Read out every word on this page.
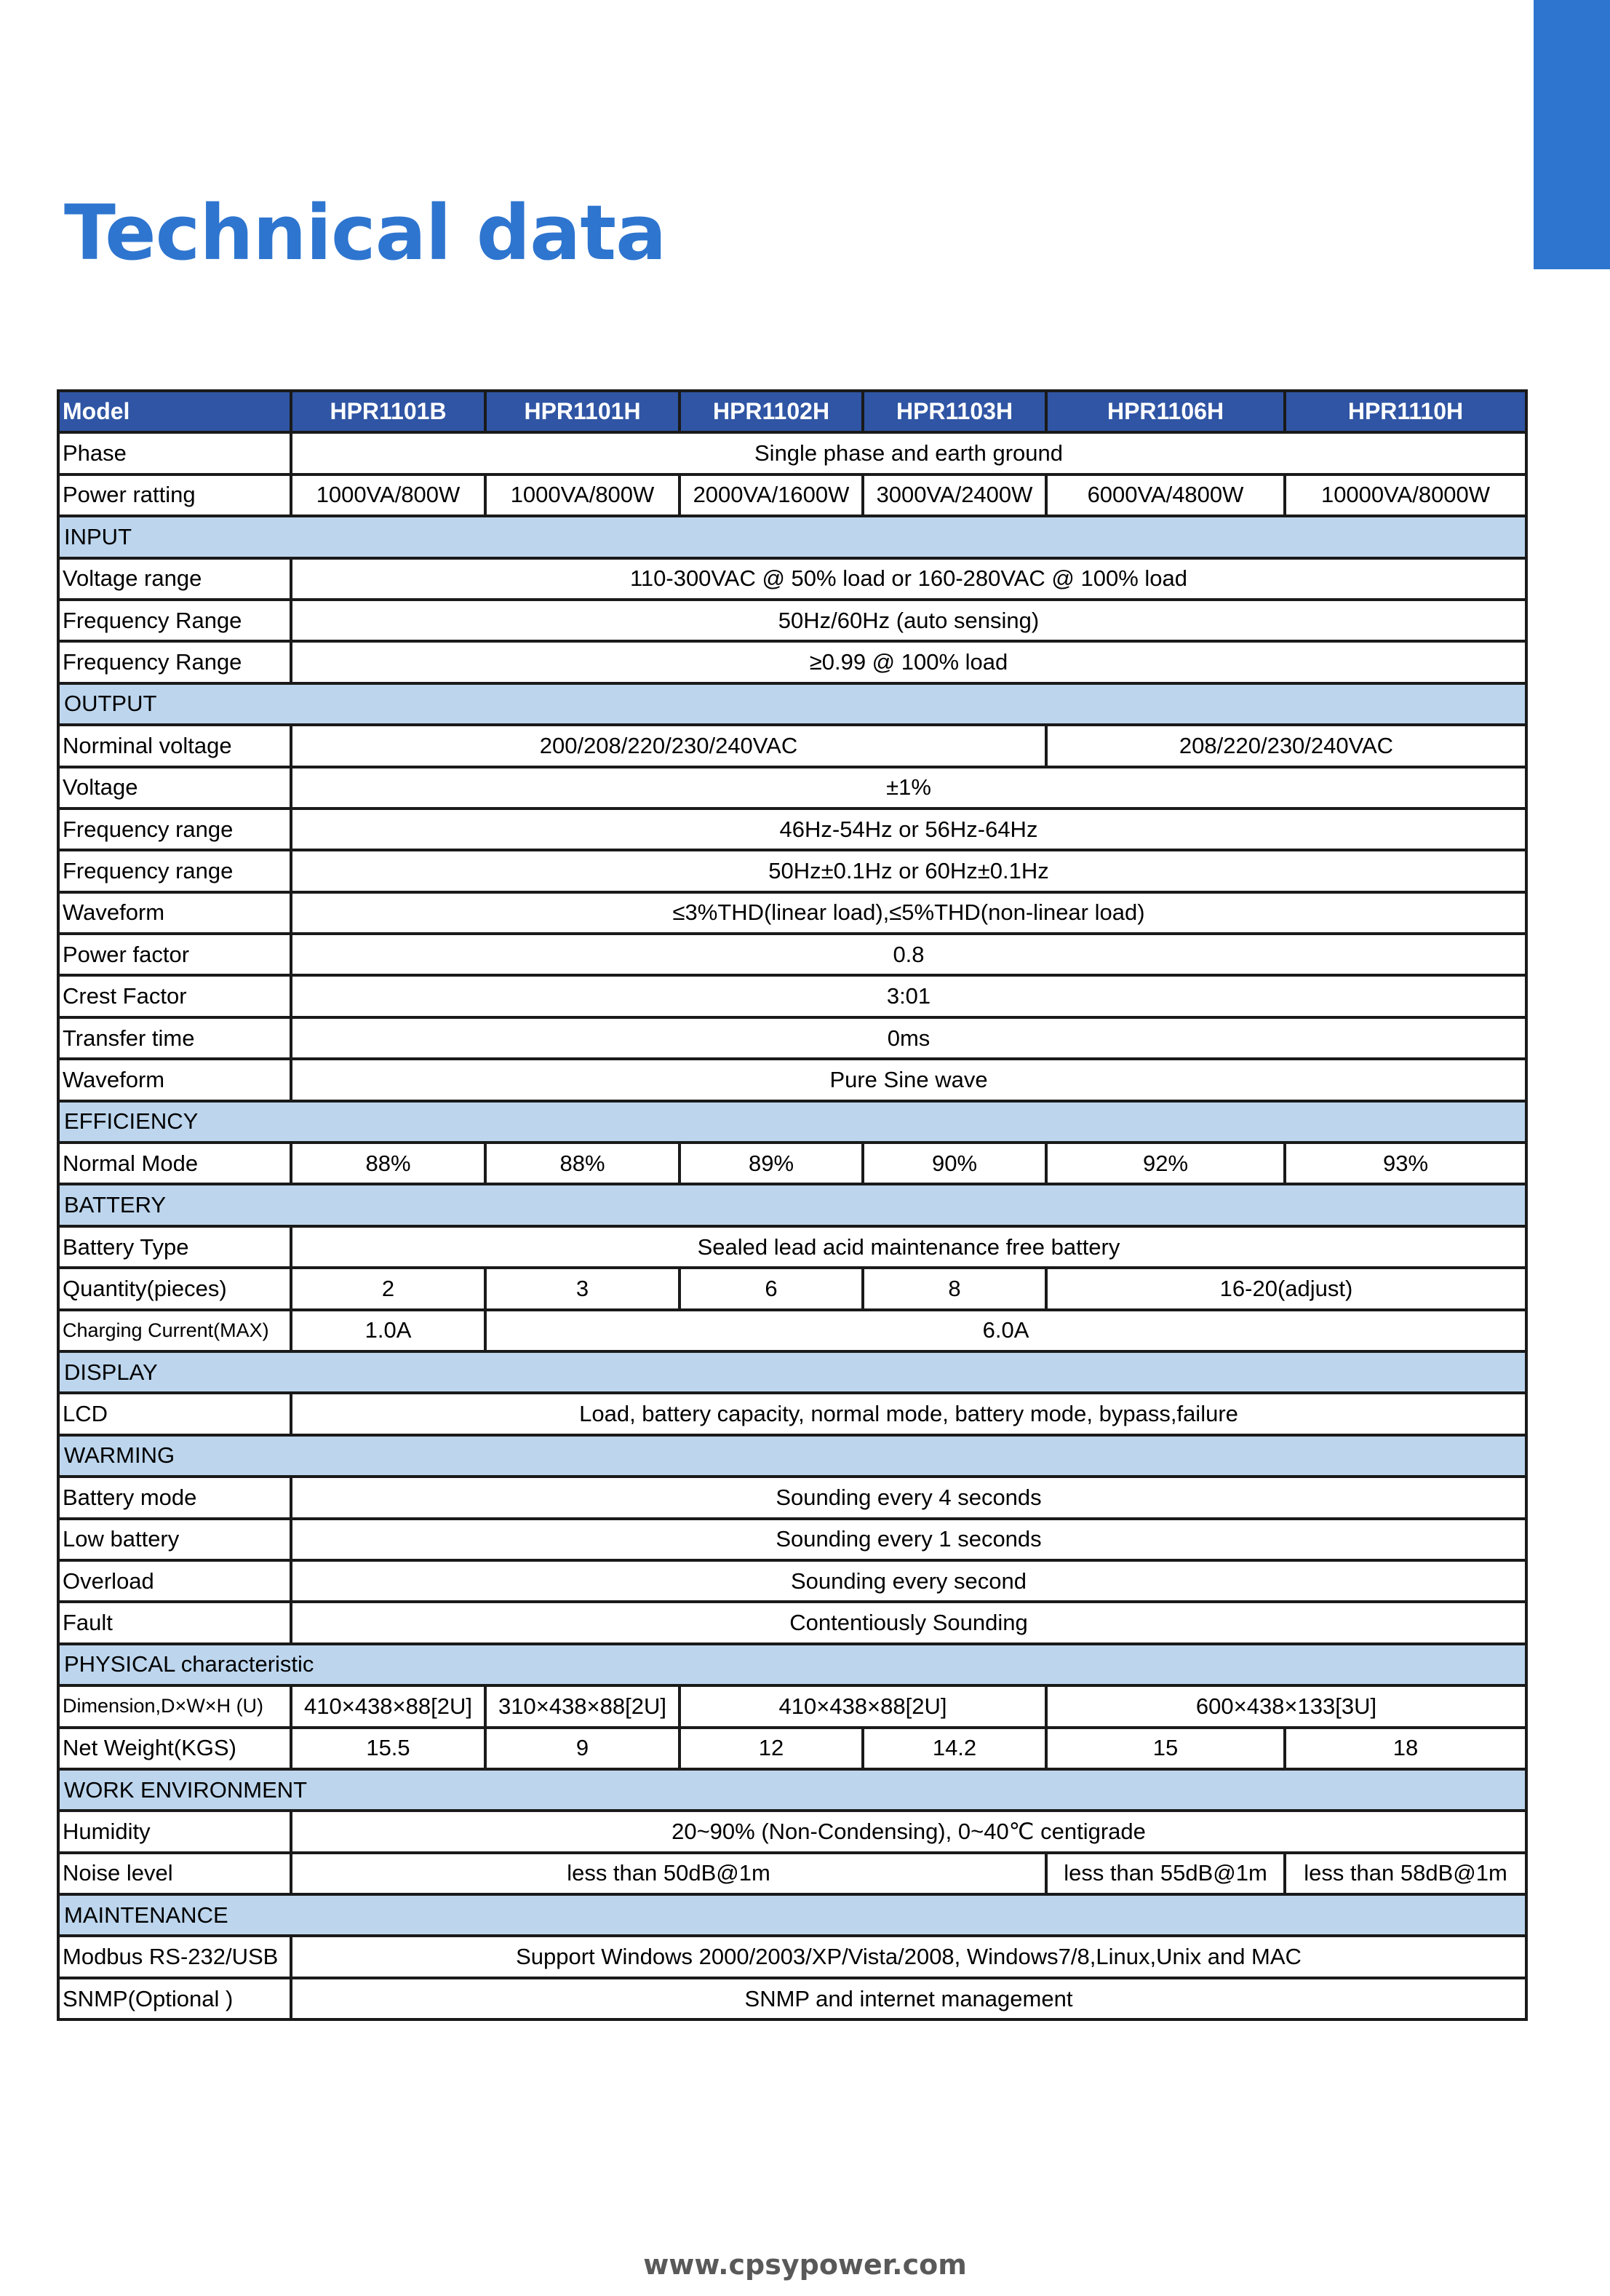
Technical data
Model	HPR1101B	HPR1101H	HPR1102H	HPR1103H	HPR1106H	HPR1110H
Phase	Single phase and earth ground					
Power ratting	1000VA/800W	1000VA/800W	2000VA/1600W	3000VA/2400W	6000VA/4800W	10000VA/8000W
INPUT						
Voltage range	110-300VAC @ 50% load or 160-280VAC @ 100% load					
Frequency Range	50Hz/60Hz (auto sensing)					
Frequency Range	≥0.99 @ 100% load					
OUTPUT						
Norminal voltage	200/208/220/230/240VAC				208/220/230/240VAC	
Voltage	±1%					
Frequency range	46Hz-54Hz or 56Hz-64Hz					
Frequency range	50Hz±0.1Hz or 60Hz±0.1Hz					
Waveform	≤3%THD(linear load),≤5%THD(non-linear load)					
Power factor	0.8					
Crest Factor	3:01					
Transfer time	0ms					
Waveform	Pure Sine wave					
EFFICIENCY						
Normal Mode	88%	88%	89%	90%	92%	93%
BATTERY						
Battery Type	Sealed lead acid maintenance free battery					
Quantity(pieces)	2	3	6	8	16-20(adjust)	
Charging Current(MAX)	1.0A	6.0A				
DISPLAY						
LCD	Load, battery capacity, normal mode, battery mode, bypass,failure					
WARMING						
Battery mode	Sounding every 4 seconds					
Low battery	Sounding every 1 seconds					
Overload	Sounding every second					
Fault	Contentiously Sounding					
PHYSICAL characteristic						
Dimension,D×W×H (U)	410×438×88[2U]	310×438×88[2U]	410×438×88[2U]		600×438×133[3U]	
Net Weight(KGS)	15.5	9	12	14.2	15	18
WORK ENVIRONMENT						
Humidity	20~90% (Non-Condensing), 0~40℃ centigrade					
Noise level	less than 50dB@1m				less than 55dB@1m	less than 58dB@1m
MAINTENANCE						
Modbus RS-232/USB	Support Windows 2000/2003/XP/Vista/2008, Windows7/8,Linux,Unix and MAC					
SNMP(Optional )	SNMP and internet management					
www.cpsypower.com
